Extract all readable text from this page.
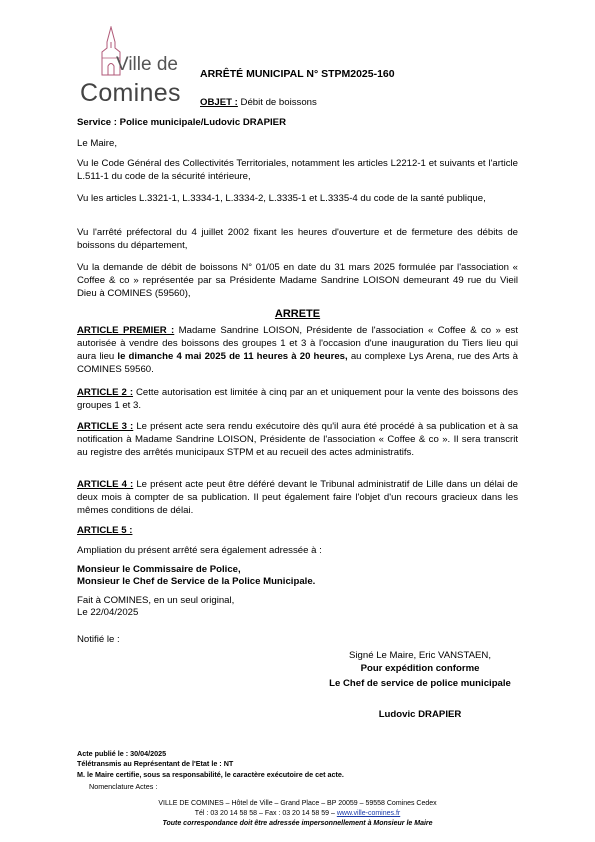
Ville de
Comines
ARRÊTÉ MUNICIPAL N° STPM2025-160
OBJET : Débit de boissons
Service : Police municipale/Ludovic DRAPIER
Le Maire,
Vu le Code Général des Collectivités Territoriales, notamment les articles L2212-1 et suivants et l'article L.511-1 du code de la sécurité intérieure,
Vu les articles L.3321-1, L.3334-1, L.3334-2, L.3335-1 et L.3335-4 du code de la santé publique,
Vu l'arrêté préfectoral du 4 juillet 2002 fixant les heures d'ouverture et de fermeture des débits de boissons du département,
Vu la demande de débit de boissons N° 01/05 en date du 31 mars 2025 formulée par l'association « Coffee & co » représentée par sa Présidente Madame Sandrine LOISON demeurant 49 rue du Vieil Dieu à COMINES (59560),
ARRETE
ARTICLE PREMIER : Madame Sandrine LOISON, Présidente de l'association « Coffee & co » est autorisée à vendre des boissons des groupes 1 et 3 à l'occasion d'une inauguration du Tiers lieu qui aura lieu le dimanche 4 mai 2025 de 11 heures à 20 heures, au complexe Lys Arena, rue des Arts à COMINES 59560.
ARTICLE 2 : Cette autorisation est limitée à cinq par an et uniquement pour la vente des boissons des groupes 1 et 3.
ARTICLE 3 : Le présent acte sera rendu exécutoire dès qu'il aura été procédé à sa publication et à sa notification à Madame Sandrine LOISON, Présidente de l'association « Coffee & co ». Il sera transcrit au registre des arrêtés municipaux STPM et au recueil des actes administratifs.
ARTICLE 4 : Le présent acte peut être déféré devant le Tribunal administratif de Lille dans un délai de deux mois à compter de sa publication. Il peut également faire l'objet d'un recours gracieux dans les mêmes conditions de délai.
ARTICLE 5 :
Ampliation du présent arrêté sera également adressée à :
Monsieur le Commissaire de Police,
Monsieur le Chef de Service de la Police Municipale.
Fait à COMINES, en un seul original,
Le 22/04/2025
Notifié le :
Signé Le Maire, Eric VANSTAEN,
Pour expédition conforme
Le Chef de service de police municipale
Ludovic DRAPIER
Acte publié le : 30/04/2025
Télétransmis au Représentant de l'Etat le : NT
M. le Maire certifie, sous sa responsabilité, le caractère exécutoire de cet acte.
Nomenclature Actes :
VILLE DE COMINES – Hôtel de Ville – Grand Place – BP 20059 – 59558 Comines Cedex
Tél : 03 20 14 58 58 – Fax : 03 20 14 58 59 – www.ville-comines.fr
Toute correspondance doit être adressée impersonnellement à Monsieur le Maire
